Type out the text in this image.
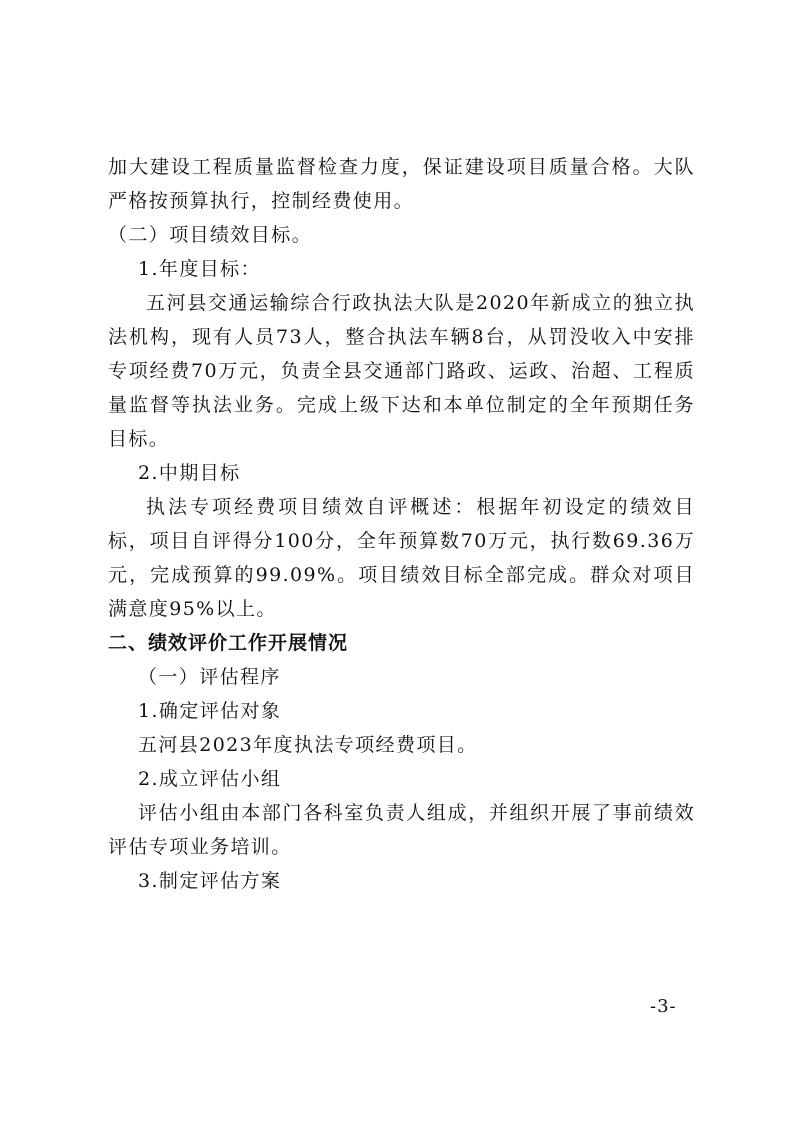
加大建设工程质量监督检查力度，保证建设项目质量合格。大队严格按预算执行，控制经费使用。

（二）项目绩效目标。

1.年度目标：

五河县交通运输综合行政执法大队是2020年新成立的独立执法机构，现有人员73人，整合执法车辆8台，从罚没收入中安排专项经费70万元，负责全县交通部门路政、运政、治超、工程质量监督等执法业务。完成上级下达和本单位制定的全年预期任务目标。

2.中期目标

执法专项经费项目绩效自评概述：根据年初设定的绩效目标，项目自评得分100分，全年预算数70万元，执行数69.36万元，完成预算的99.09%。项目绩效目标全部完成。群众对项目满意度95%以上。

二、绩效评价工作开展情况

（一）评估程序

1.确定评估对象

五河县2023年度执法专项经费项目。

2.成立评估小组

评估小组由本部门各科室负责人组成，并组织开展了事前绩效评估专项业务培训。

3.制定评估方案

-3-
